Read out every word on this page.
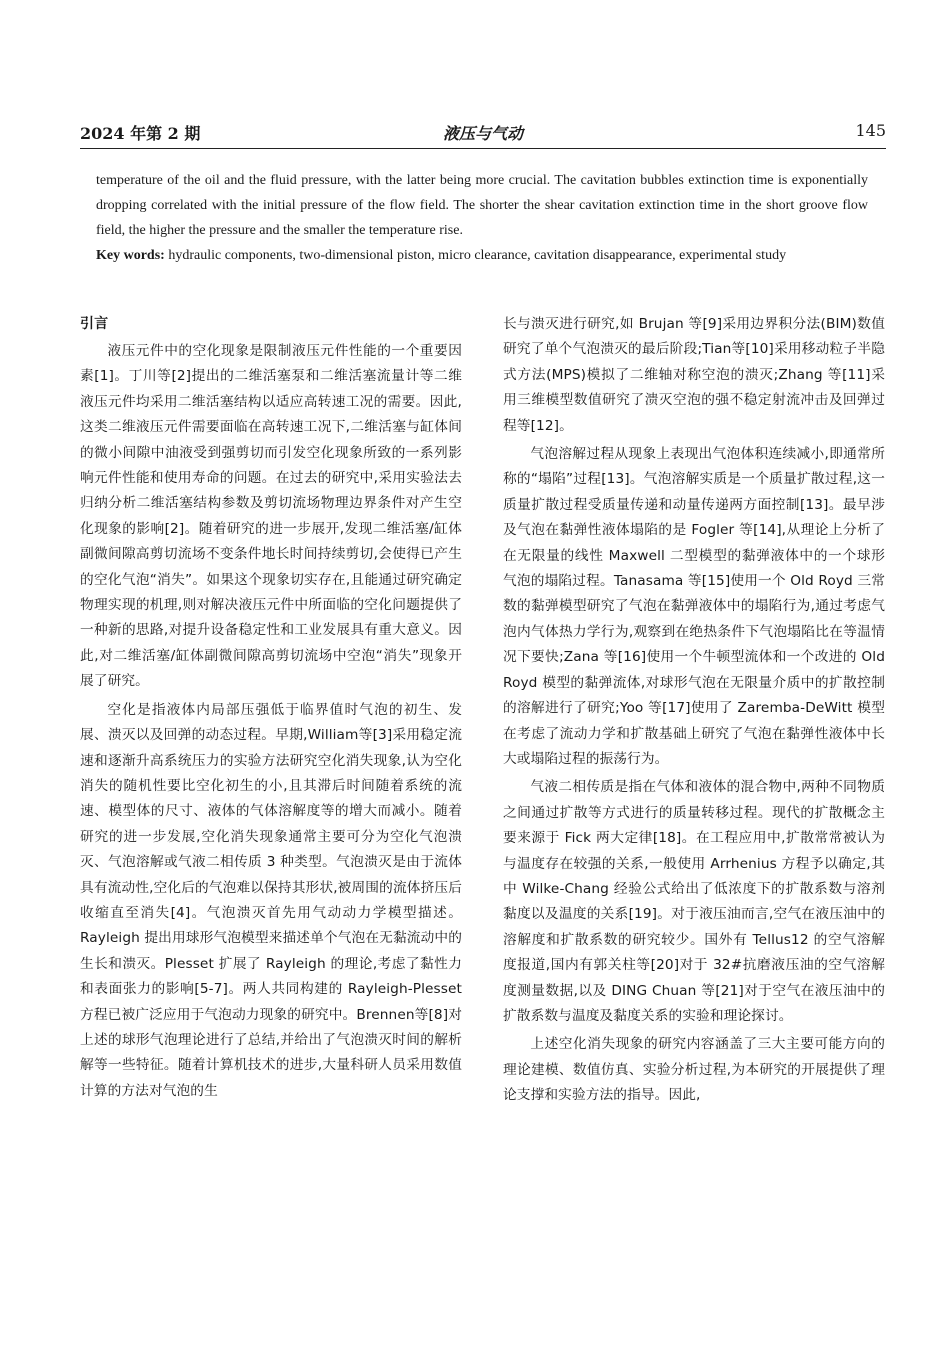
2024 年第 2 期	液压与气动	145

temperature of the oil and the fluid pressure, with the latter being more crucial. The cavitation bubbles extinction time is exponentially dropping correlated with the initial pressure of the flow field. The shorter the shear cavitation extinction time in the short groove flow field, the higher the pressure and the smaller the temperature rise.

Key words: hydraulic components, two-dimensional piston, micro clearance, cavitation disappearance, experimental study

引言

液压元件中的空化现象是限制液压元件性能的一个重要因素[1]。丁川等[2]提出的二维活塞泵和二维活塞流量计等二维液压元件均采用二维活塞结构以适应高转速工况的需要。因此,这类二维液压元件需要面临在高转速工况下,二维活塞与缸体间的微小间隙中油液受到强剪切而引发空化现象所致的一系列影响元件性能和使用寿命的问题。在过去的研究中,采用实验法去归纳分析二维活塞结构参数及剪切流场物理边界条件对产生空化现象的影响[2]。随着研究的进一步展开,发现二维活塞/缸体副微间隙高剪切流场不变条件地长时间持续剪切,会使得已产生的空化气泡“消失”。如果这个现象切实存在,且能通过研究确定物理实现的机理,则对解决液压元件中所面临的空化问题提供了一种新的思路,对提升设备稳定性和工业发展具有重大意义。因此,对二维活塞/缸体副微间隙高剪切流场中空泡“消失”现象开展了研究。

空化是指液体内局部压强低于临界值时气泡的初生、发展、溃灭以及回弹的动态过程。早期,William等[3]采用稳定流速和逐渐升高系统压力的实验方法研究空化消失现象,认为空化消失的随机性要比空化初生的小,且其滞后时间随着系统的流速、模型体的尺寸、液体的气体溶解度等的增大而减小。随着研究的进一步发展,空化消失现象通常主要可分为空化气泡溃灭、气泡溶解或气液二相传质 3 种类型。气泡溃灭是由于流体具有流动性,空化后的气泡难以保持其形状,被周围的流体挤压后收缩直至消失[4]。气泡溃灭首先用气动动力学模型描述。Rayleigh 提出用球形气泡模型来描述单个气泡在无黏流动中的生长和溃灭。Plesset 扩展了 Rayleigh 的理论,考虑了黏性力和表面张力的影响[5-7]。两人共同构建的 Rayleigh-Plesset 方程已被广泛应用于气泡动力现象的研究中。Brennen等[8]对上述的球形气泡理论进行了总结,并给出了气泡溃灭时间的解析解等一些特征。随着计算机技术的进步,大量科研人员采用数值计算的方法对气泡的生

长与溃灭进行研究,如 Brujan 等[9]采用边界积分法(BIM)数值研究了单个气泡溃灭的最后阶段;Tian等[10]采用移动粒子半隐式方法(MPS)模拟了二维轴对称空泡的溃灭;Zhang 等[11]采用三维模型数值研究了溃灭空泡的强不稳定射流冲击及回弹过程等[12]。

气泡溶解过程从现象上表现出气泡体积连续减小,即通常所称的“塌陷”过程[13]。气泡溶解实质是一个质量扩散过程,这一质量扩散过程受质量传递和动量传递两方面控制[13]。最早涉及气泡在黏弹性液体塌陷的是 Fogler 等[14],从理论上分析了在无限量的线性 Maxwell 二型模型的黏弹液体中的一个球形气泡的塌陷过程。Tanasama 等[15]使用一个 Old Royd 三常数的黏弹模型研究了气泡在黏弹液体中的塌陷行为,通过考虑气泡内气体热力学行为,观察到在绝热条件下气泡塌陷比在等温情况下要快;Zana 等[16]使用一个牛顿型流体和一个改进的 Old Royd 模型的黏弹流体,对球形气泡在无限量介质中的扩散控制的溶解进行了研究;Yoo 等[17]使用了 Zaremba-DeWitt 模型在考虑了流动力学和扩散基础上研究了气泡在黏弹性液体中长大或塌陷过程的振荡行为。

气液二相传质是指在气体和液体的混合物中,两种不同物质之间通过扩散等方式进行的质量转移过程。现代的扩散概念主要来源于 Fick 两大定律[18]。在工程应用中,扩散常常被认为与温度存在较强的关系,一般使用 Arrhenius 方程予以确定,其中 Wilke-Chang 经验公式给出了低浓度下的扩散系数与溶剂黏度以及温度的关系[19]。对于液压油而言,空气在液压油中的溶解度和扩散系数的研究较少。国外有 Tellus12 的空气溶解度报道,国内有郭关柱等[20]对于 32#抗磨液压油的空气溶解度测量数据,以及 DING Chuan 等[21]对于空气在液压油中的扩散系数与温度及黏度关系的实验和理论探讨。

上述空化消失现象的研究内容涵盖了三大主要可能方向的理论建模、数值仿真、实验分析过程,为本研究的开展提供了理论支撑和实验方法的指导。因此,
